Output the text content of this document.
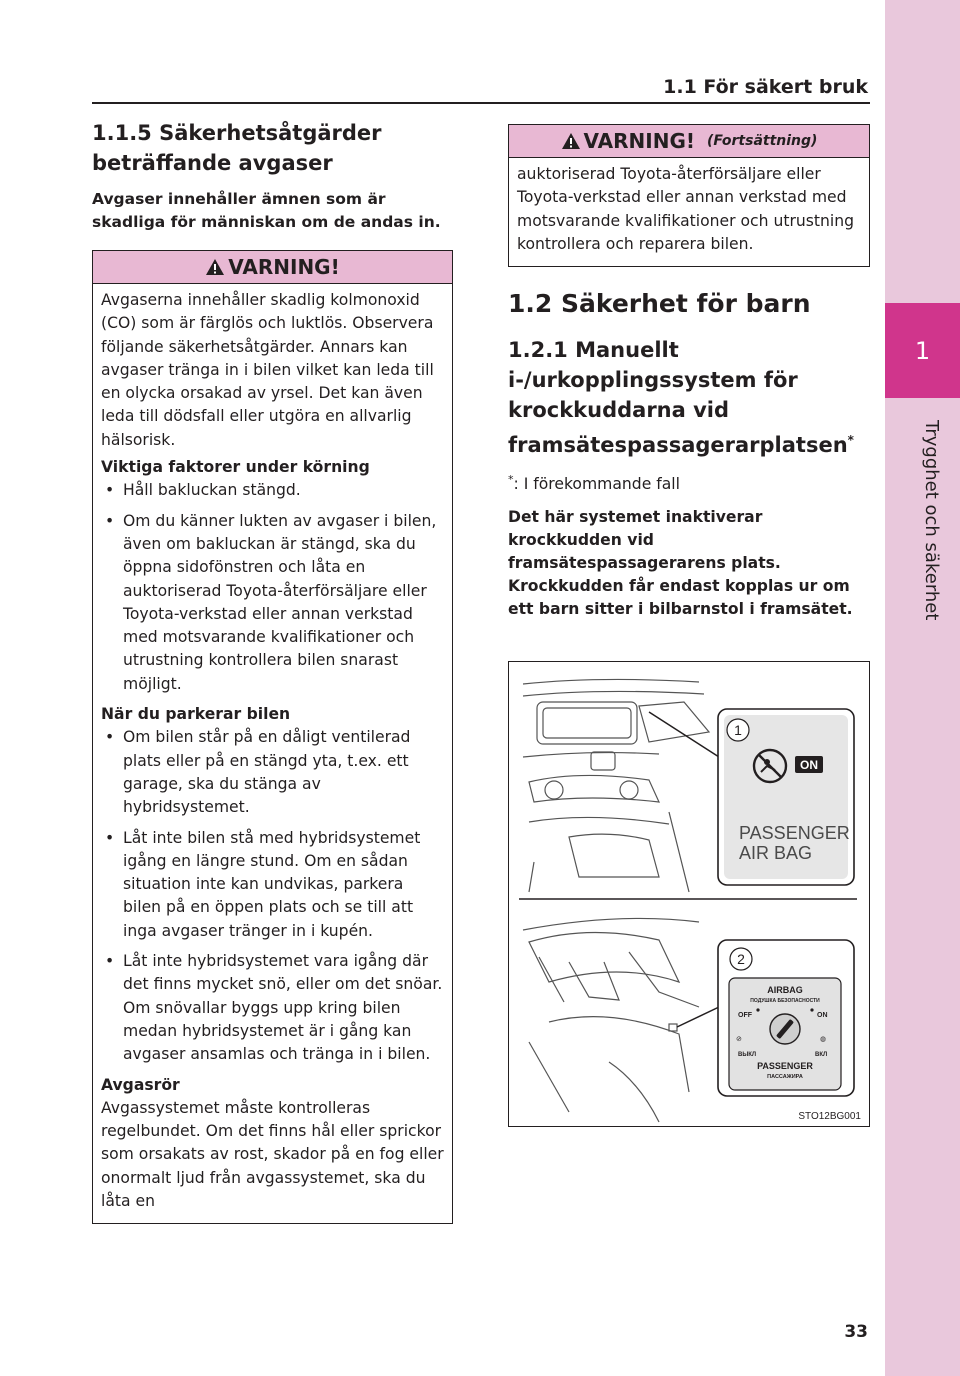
1
Trygghet och säkerhet
1.1 För säkert bruk
1.1.5 Säkerhetsåtgärder beträffande avgaser

Avgaser innehåller ämnen som är skadliga för människan om de andas in.

VARNING!

Avgaserna innehåller skadlig kolmonoxid (CO) som är färglös och luktlös. Observera följande säkerhetsåtgärder. Annars kan avgaser tränga in i bilen vilket kan leda till en olycka orsakad av yrsel. Det kan även leda till dödsfall eller utgöra en allvarlig hälsorisk.

Viktiga faktorer under körning

• Håll bakluckan stängd.
• Om du känner lukten av avgaser i bilen, även om bakluckan är stängd, ska du öppna sidofönstren och låta en auktoriserad Toyota-återförsäljare eller Toyota-verkstad eller annan verkstad med motsvarande kvalifikationer och utrustning kontrollera bilen snarast möjligt.

När du parkerar bilen

• Om bilen står på en dåligt ventilerad plats eller på en stängd yta, t.ex. ett garage, ska du stänga av hybridsystemet.
• Låt inte bilen stå med hybridsystemet igång en längre stund. Om en sådan situation inte kan undvikas, parkera bilen på en öppen plats och se till att inga avgaser tränger in i kupén.
• Låt inte hybridsystemet vara igång där det finns mycket snö, eller om det snöar. Om snövallar byggs upp kring bilen medan hybridsystemet är i gång kan avgaser ansamlas och tränga in i bilen.

Avgasrör

Avgassystemet måste kontrolleras regelbundet. Om det finns hål eller sprickor som orsakats av rost, skador på en fog eller onormalt ljud från avgassystemet, ska du låta en

VARNING! (Fortsättning)

auktoriserad Toyota-återförsäljare eller Toyota-verkstad eller annan verkstad med motsvarande kvalifikationer och utrustning kontrollera och reparera bilen.

1.2 Säkerhet för barn
1.2.1 Manuellt i-/urkopplingssystem för krockkuddarna vid framsätespassagerarplatsen*

*: I förekommande fall

Det här systemet inaktiverar krockkudden vid framsätespassagerarens plats. Krockkudden får endast kopplas ur om ett barn sitter i bilbarnstol i framsätet.

1
ON
PASSENGER
AIR BAG
2
AIRBAG
ПОДУШКА БЕЗОПАСНОСТИ
OFF	ON
⊘	◍
ВЫКЛ	ВКЛ
PASSENGER
ПАССАЖИРА
STO12BG001
33
